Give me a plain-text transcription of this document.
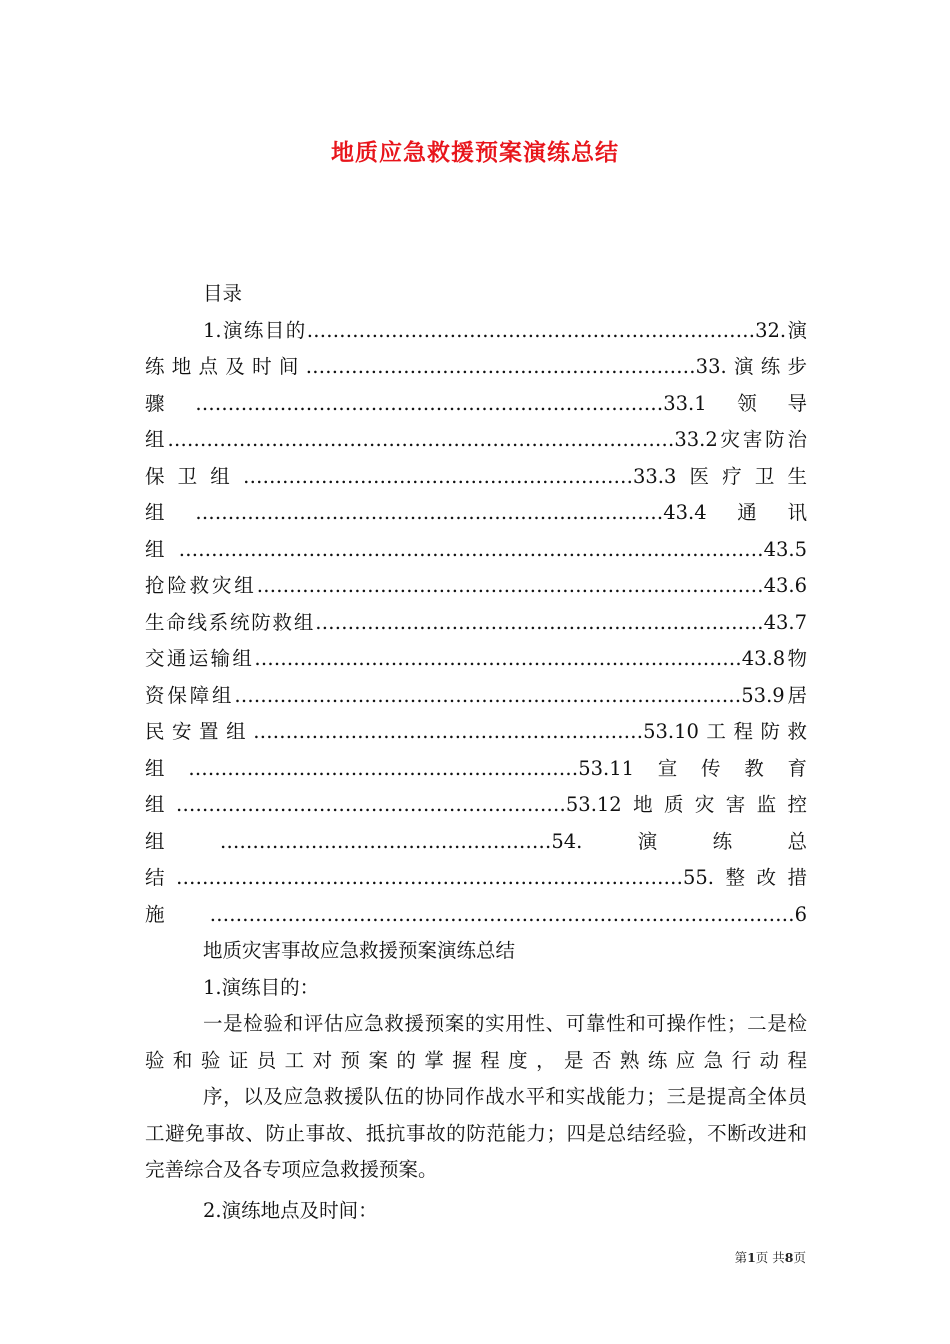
地质应急救援预案演练总结

目录

1.演练目的……………………………………………………………32.演练地点及时间……………………………………………………33.演练步骤………………………………………………………………33.1领导组……………………………………………………………………33.2灾害防治保卫组……………………………………………………33.3医疗卫生组………………………………………………………………43.4通讯组………………………………………………………………………………43.5抢险救灾组……………………………………………………………………43.6生命线系统防救组……………………………………………………………43.7交通运输组…………………………………………………………………43.8物资保障组……………………………………………………………………53.9居民安置组……………………………………………………53.10工程防救组……………………………………………………53.11宣传教育组……………………………………………………53.12地质灾害监控组……………………………………………54.演练总结……………………………………………………………………55.整改措施………………………………………………………………………………6

地质灾害事故应急救援预案演练总结

1.演练目的：

一是检验和评估应急救援预案的实用性、可靠性和可操作性；二是检验和验证员工对预案的掌握程度，是否熟练应急行动程

序，以及应急救援队伍的协同作战水平和实战能力；三是提高全体员工避免事故、防止事故、抵抗事故的防范能力；四是总结经验，不断改进和完善综合及各专项应急救援预案。

2.演练地点及时间：

第1页 共8页
